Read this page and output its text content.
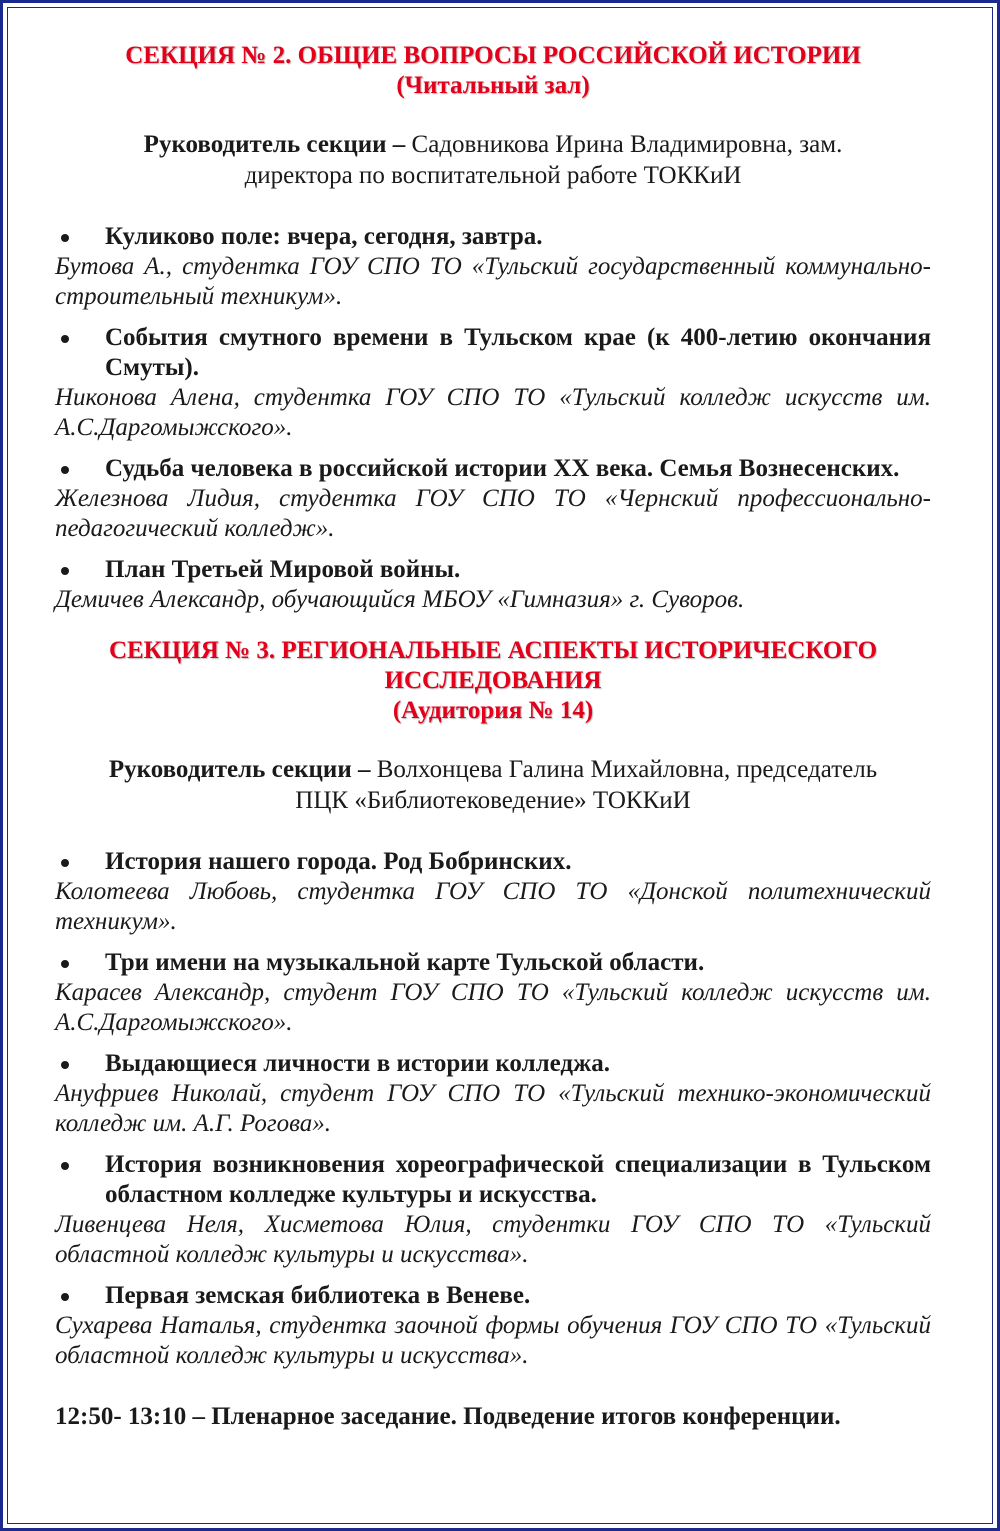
СЕКЦИЯ № 2. ОБЩИЕ ВОПРОСЫ РОССИЙСКОЙ ИСТОРИИ
(Читальный зал)
Руководитель секции – Садовникова Ирина Владимировна, зам.
директора по воспитательной работе ТОККиИ
Куликово поле: вчера, сегодня, завтра.
Бутова А., студентка ГОУ СПО ТО «Тульский государственный коммунально-строительный техникум».
События смутного времени в Тульском крае (к 400-летию окончания Смуты).
Никонова Алена, студентка ГОУ СПО ТО «Тульский колледж искусств им. А.С.Даргомыжского».
Судьба человека в российской истории XX века. Семья Вознесенских.
Железнова Лидия, студентка ГОУ СПО ТО «Чернский профессионально-педагогический колледж».
План Третьей Мировой войны.
Демичев Александр, обучающийся МБОУ «Гимназия» г. Суворов.
СЕКЦИЯ № 3. РЕГИОНАЛЬНЫЕ АСПЕКТЫ ИСТОРИЧЕСКОГО
ИССЛЕДОВАНИЯ
(Аудитория № 14)
Руководитель секции – Волхонцева Галина Михайловна, председатель
ПЦК «Библиотековедение» ТОККиИ
История нашего города. Род Бобринских.
Колотеева Любовь, студентка ГОУ СПО ТО «Донской политехнический техникум».
Три имени на музыкальной карте Тульской области.
Карасев Александр, студент ГОУ СПО ТО «Тульский колледж искусств им. А.С.Даргомыжского».
Выдающиеся личности в истории колледжа.
Ануфриев Николай, студент ГОУ СПО ТО «Тульский технико-экономический колледж им. А.Г. Рогова».
История возникновения хореографической специализации в Тульском областном колледже культуры и искусства.
Ливенцева Неля, Хисметова Юлия, студентки ГОУ СПО ТО «Тульский областной колледж культуры и искусства».
Первая земская библиотека в Веневе.
Сухарева Наталья, студентка заочной формы обучения ГОУ СПО ТО «Тульский областной колледж культуры и искусства».
12:50- 13:10 – Пленарное заседание. Подведение итогов конференции.
